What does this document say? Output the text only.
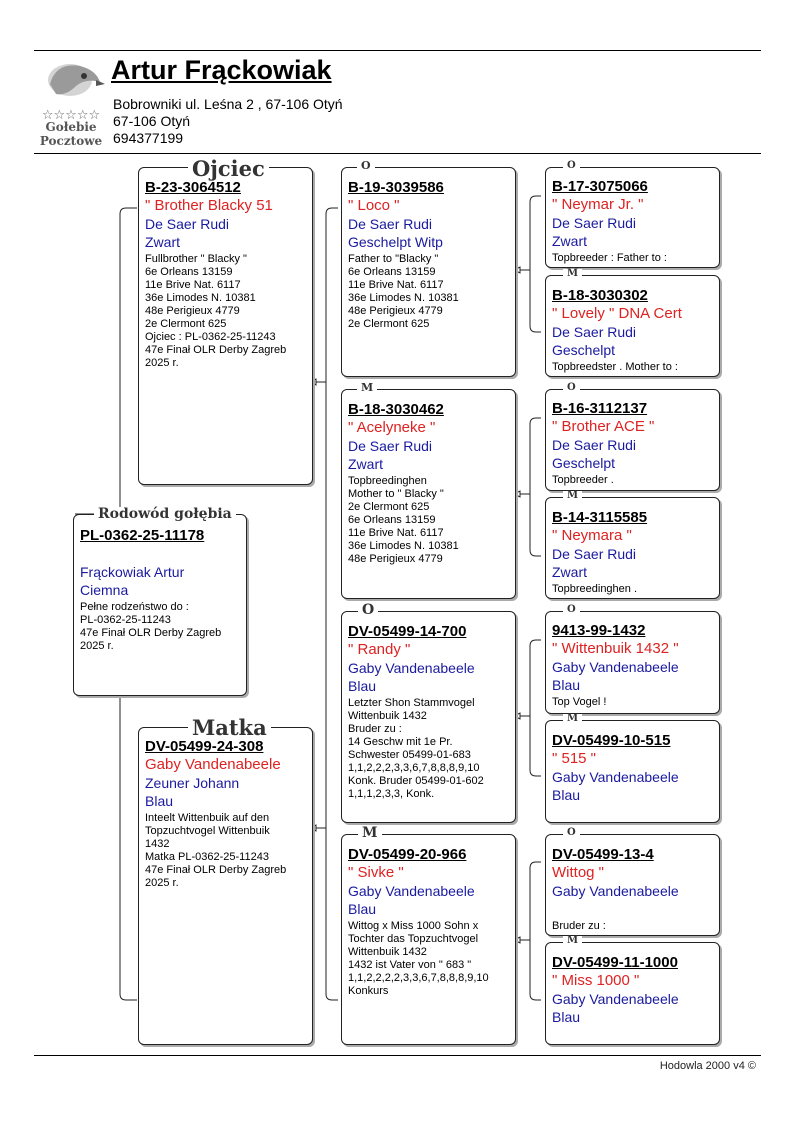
☆☆☆☆☆
Gołebie
Pocztowe
Artur Frąckowiak
Bobrowniki ul. Leśna 2 , 67-106 Otyń
67-106 Otyń
694377199
PL-0362-25-11178
Frąckowiak Artur
Ciemna
Pełne rodzeństwo do :
PL-0362-25-11243
47e Finał OLR Derby Zagreb
2025 r.
Rodowód gołębia
B-23-3064512
" Brother Blacky 51
De Saer Rudi
Zwart
Fullbrother " Blacky "
6e Orleans 13159
11e Brive Nat. 6117
36e Limodes N. 10381
48e Perigieux 4779
2e Clermont 625
Ojciec : PL-0362-25-11243
47e Finał OLR Derby Zagreb
2025 r.
Ojciec
DV-05499-24-308
Gaby Vandenabeele
Zeuner Johann
Blau
Inteelt Wittenbuik auf den
Topzuchtvogel Wittenbuik
1432
Matka PL-0362-25-11243
47e Finał OLR Derby Zagreb
2025 r.
Matka
B-19-3039586
" Loco "
De Saer Rudi
Geschelpt Witp
Father to "Blacky "
6e Orleans 13159
11e Brive Nat. 6117
36e Limodes N. 10381
48e Perigieux 4779
2e Clermont 625
O
B-18-3030462
" Acelyneke "
De Saer Rudi
Zwart
Topbreedinghen
Mother to " Blacky "
2e Clermont 625
6e Orleans 13159
11e Brive Nat. 6117
36e Limodes N. 10381
48e Perigieux 4779
M
DV-05499-14-700
" Randy "
Gaby Vandenabeele
Blau
Letzter Shon Stammvogel
Wittenbuik 1432
Bruder zu :
14 Geschw mit 1e Pr.
Schwester 05499-01-683
1,1,2,2,2,3,3,6,7,8,8,8,9,10
Konk. Bruder 05499-01-602
1,1,1,2,3,3, Konk.
O
DV-05499-20-966
" Sivke "
Gaby Vandenabeele
Blau
Wittog x Miss 1000 Sohn x
Tochter das Topzuchtvogel
Wittenbuik 1432
1432 ist Vater von " 683 "
1,1,2,2,2,2,3,3,6,7,8,8,8,9,10
Konkurs
M
B-17-3075066
" Neymar Jr. "
De Saer Rudi
Zwart
Topbreeder : Father to :
O
B-18-3030302
" Lovely " DNA Cert
De Saer Rudi
Geschelpt
Topbreedster . Mother to :
M
B-16-3112137
" Brother ACE "
De Saer Rudi
Geschelpt
Topbreeder .
O
B-14-3115585
" Neymara "
De Saer Rudi
Zwart
Topbreedinghen .
M
9413-99-1432
" Wittenbuik 1432 "
Gaby Vandenabeele
Blau
Top Vogel !
O
DV-05499-10-515
" 515 "
Gaby Vandenabeele
Blau
M
DV-05499-13-4
Wittog "
Gaby Vandenabeele
Bruder zu :
O
DV-05499-11-1000
" Miss 1000 "
Gaby Vandenabeele
Blau
M
Hodowla 2000 v4 ©
